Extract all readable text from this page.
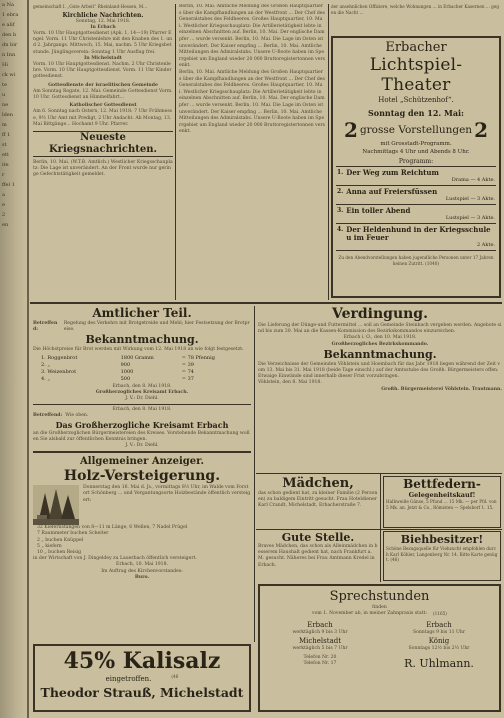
a Na
1 ebra
e alif
den b
dn bir
n Inn
Hi
ck wi
te
u
ne
lden
m
ff 1
st
ett
ite
r
ffel 1
a
e
2
en
gemeinschaft I. „Gute Arbeit“ Rheinland-Hessen, M...
Kirchliche Nachrichten.
Sonntag, 12. Mai 1918.
In Erbach
Vorm. 10 Uhr Hauptgottesdienst (Apk. 1, 14—19) Pfarrer Engel. Vorm. 11 Uhr Christenlehre mit den Knaben des 1. und 2. Jahrgangs. Mittwoch, 15. Mai, nachm. 5 Uhr Kriegsbetstunde. Jünglingsverein: Sonntag 1 Uhr Ausflug frei.
In Michelstadt
Vorm. 10 Uhr Hauptgottesdienst. Nachm. 2 Uhr Christenlehre. Vorm. 10 Uhr Hauptgottesdienst. Vorm. 11 Uhr Kindergottesdienst.
Gottesdienste der israelitischen Gemeinde
Am Sonntag Rogate, 12. Mai: Gemeinde Gottesdienst Vorm. 10 Uhr. Gottesdienst an Himmelfahrt...
Katholischer Gottesdienst
Am 6. Sonntag nach Ostern, 12. Mai 1918: 7 Uhr Frühmesse, 9½ Uhr Amt mit Predigt, 2 Uhr Andacht. Ab Montag, 13. Mai Bittgänge... Hochamt 9 Uhr. Pfarrer.
Neueste Kriegsnachrichten.
Berlin, 10. Mai. (W.T.B. Amtlich.) Westlicher Kriegsschauplatz: Die Lage ist unverändert. An der Front wurde nur geringe Gefechtstätigkeit gemeldet.
Berlin, 10. Mai. Amtliche Meldung des Großen Hauptquartiers über die Kampfhandlungen an der Westfront ... Der Chef des Generalstabes des Feldheeres. Großes Hauptquartier, 10. Mai. Westlicher Kriegsschauplatz: Die Artillerietätigkeit lebte in einzelnen Abschnitten auf. Berlin, 10. Mai. Der englische Dampfer ... wurde versenkt. Berlin, 10. Mai. Die Lage im Osten ist unverändert. Der Kaiser empfing ... Berlin, 10. Mai. Amtliche Mitteilungen des Admiralstabs. Unsere U-Boote haben im Sperrgebiet um England wieder 20 000 Bruttoregistertonnen versenkt.
Berlin, 10. Mai. Amtliche Meldung des Großen Hauptquartiers über die Kampfhandlungen an der Westfront ... Der Chef des Generalstabes des Feldheeres. Großes Hauptquartier, 10. Mai. Westlicher Kriegsschauplatz: Die Artillerietätigkeit lebte in einzelnen Abschnitten auf. Berlin, 10. Mai. Der englische Dampfer ... wurde versenkt. Berlin, 10. Mai. Die Lage im Osten ist unverändert. Der Kaiser empfing ... Berlin, 10. Mai. Amtliche Mitteilungen des Admiralstabs. Unsere U-Boote haben im Sperrgebiet um England wieder 20 000 Bruttoregistertonnen versenkt.
der ansehnlichen Offiziere, welche Wohnungen ... in Erbacher Kasernen ... gegen die Nacht ...
Erbacher
Lichtspiel-Theater
Hotel „Schützenhof“.
Sonntag den 12. Mai:
2 grosse Vorstellungen 2
mit Grosstadt-Programm.
Nachmittags 4 Uhr und Abends 8 Uhr.
Programm:
1. Der Weg zum Reichtum
Drama — 4 Akte.
2. Anna auf Freiersfüssen
Lustspiel — 3 Akte.
3. Ein toller Abend
Lustspiel — 3 Akte.
4. Der Heldenhund in der Kriegsschule u im Feuer
2 Akte.
Zu den Abendvorstellungen haben jugendliche Personen unter 17 Jahren keinen Zutritt. (1040)
Amtlicher Teil.
Betreffend:
Regelung des Verkehrs mit Brotgetreide und Mehl; hier Festsetzung der Brotpreise.
Bekanntmachung.
Die Höchstpreise für Brot werden mit Wirkung vom 12. Mai 1918 an wie folgt festgesetzt:
1. Roggenbrot	1800 Gramm	= 78 Pfennig
2. „	900	= 39
3. Weizenbrot	1000	= 74
4. „	500	= 37
Erbach, den 8. Mai 1918.
Großherzogliches Kreisamt Erbach.
J. V.: Dr. Diehl.
Erbach, den 8. Mai 1918.
Betreffend: Wie oben.
Das Großherzogliche Kreisamt Erbach
an die Großherzoglichen Bürgermeistereien des Kreises. Vorstehende Bekanntmachung wollen Sie alsbald zur öffentlichen Kenntnis bringen.
J. V.: Dr. Diehl.
Allgemeiner Anzeiger.
Holz-Versteigerung.
Donnerstag den 16. Mai d. Js., vormittags 8½ Uhr, im Walde vom Forstort Schönberg ... und Vergantungsorte Holzbestände öffentlich versteigert:
32 Kiefernstangen von 8—11 m Länge, 6 Wellen, 7 Nadel Prügel
7 Raummeter buchen Scheiter
2 „ buchen Knüppel
5 „ kiefern
10 „ buchen Reisig
in der Wirtschaft von J. Dingeldey zu Lauerbach öffentlich versteigert.
Erbach, 10. Mai 1918.
Im Auftrag des Kirchenvorstandes:
Buro.
Verdingung.
Die Lieferung der Dünge-und Futtermittel ... soll an Gemeinde Steinbach vergeben werden. Angebote sind bis zum 30. Mai an die Kassen-Kommission des Bezirkskommandos einzureichen.
Erbach i. O., den 10. Mai 1918.
Großherzogliches Bezirkskommando.
Bekanntmachung.
Die Verzeichnisse der Gemeinden Vöhlstein und Hoembach für das Jahr 1918 liegen während der Zeit vom 13. Mai bis 31. Mai 1918 (beide Tage einschl.) auf der Amtsstube des Großh. Bürgermeisters offen. Etwaige Einwände sind innerhalb dieser Frist vorzubringen.
Vöhlstein, den 8. Mai 1918.
Großh. Bürgermeisterei Vöhlstein. Trautmann.
Mädchen,
das schon gedient hat, zu kleiner Familie (2 Personen) zu baldigem Eintritt gesucht. Frau Hoteldiener Karl Crandt, Michelstadt, Erbacherstraße 7.
Bettfedern-
Gelegenheitskauf!
Halbweiße Gänse, 5 Pfund ... 15 Mk. — per Pfd. von 5 Mk. an. Jetzt & Co., Römisten — Spelsborf 1. 15.
Gute Stelle.
Braves Mädchen, das schon als Alleinmädchen in besserem Haushalt gedient hat, nach Frankfurt a. M. gesucht. Näheres bei Frau Amtmann Kredel in Erbach.
Biehbesitzer!
Schöne Bezugsquelle für Viehzucht empfohlen durch Karl Köhler, Langenberg Nr. 14. Bitte Karte genügt. (46)
Sprechstunden
finden
vom 1. November ab, in meiner Zahnpraxis statt: (1165)
Erbach
werktäglich 9 bis 3 Uhr
Michelstadt
werktäglich 5 bis 7 Uhr
Telefon Nr. 20
Telefon Nr. 17
Erbach
Sonntags 9 bis 11 Uhr
König
Sonntags 12½ bis 2½ Uhr
R. Uhlmann.
45% Kalisalz
eingetroffen.	(46
Theodor Strauß, Michelstadt
